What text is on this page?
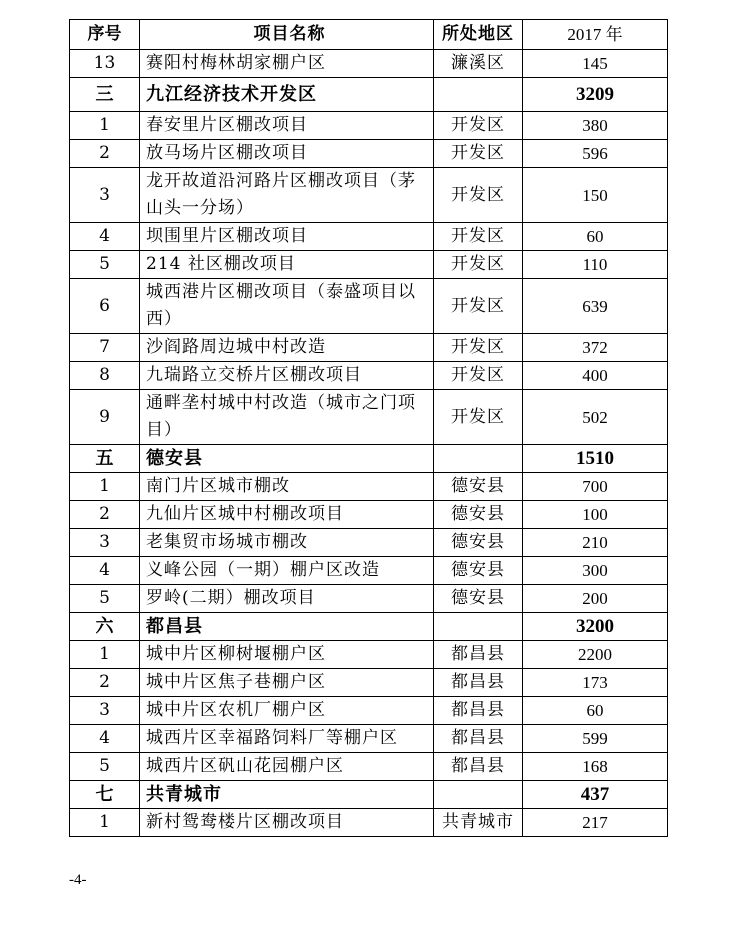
序号	项目名称	所处地区	2017 年
13	赛阳村梅林胡家棚户区	濂溪区	145
三	九江经济技术开发区		3209
1	春安里片区棚改项目	开发区	380
2	放马场片区棚改项目	开发区	596
3	龙开故道沿河路片区棚改项目（茅山头一分场）	开发区	150
4	坝围里片区棚改项目	开发区	60
5	214 社区棚改项目	开发区	110
6	城西港片区棚改项目（泰盛项目以西）	开发区	639
7	沙阎路周边城中村改造	开发区	372
8	九瑞路立交桥片区棚改项目	开发区	400
9	通畔垄村城中村改造（城市之门项目）	开发区	502
五	德安县		1510
1	南门片区城市棚改	德安县	700
2	九仙片区城中村棚改项目	德安县	100
3	老集贸市场城市棚改	德安县	210
4	义峰公园（一期）棚户区改造	德安县	300
5	罗岭(二期）棚改项目	德安县	200
六	都昌县		3200
1	城中片区柳树堰棚户区	都昌县	2200
2	城中片区焦子巷棚户区	都昌县	173
3	城中片区农机厂棚户区	都昌县	60
4	城西片区幸福路饲料厂等棚户区	都昌县	599
5	城西片区矾山花园棚户区	都昌县	168
七	共青城市		437
1	新村鸳鸯楼片区棚改项目	共青城市	217
-4-
